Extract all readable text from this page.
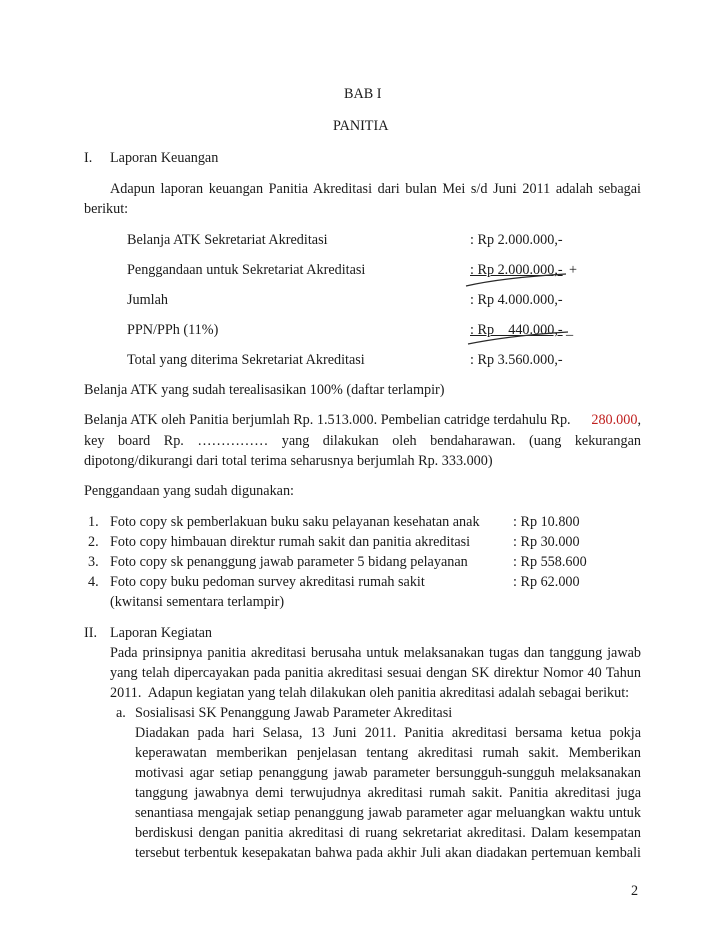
BAB I
PANITIA
I. Laporan Keuangan
Adapun laporan keuangan Panitia Akreditasi dari bulan Mei s/d Juni 2011 adalah sebagai
berikut:
Belanja ATK Sekretariat Akreditasi	: Rp 2.000.000,-
Penggandaan untuk Sekretariat Akreditasi	: Rp 2.000.000,- +
Jumlah	: Rp 4.000.000,-
PPN/PPh (11%)	: Rp    440.000,- _
Total yang diterima Sekretariat Akreditasi	: Rp 3.560.000,-
Belanja ATK yang sudah terealisasikan 100% (daftar terlampir)
Belanja ATK oleh Panitia berjumlah Rp. 1.513.000. Pembelian catridge terdahulu Rp. 280.000,
key board Rp. …………… yang dilakukan oleh bendaharawan. (uang kekurangan
dipotong/dikurangi dari total terima seharusnya berjumlah Rp. 333.000)
Penggandaan yang sudah digunakan:
1. Foto copy sk pemberlakuan buku saku pelayanan kesehatan anak : Rp 10.800
2. Foto copy himbauan direktur rumah sakit dan panitia akreditasi	: Rp 30.000
3. Foto copy sk penanggung jawab parameter 5 bidang pelayanan	: Rp 558.600
4. Foto copy buku pedoman survey akreditasi rumah sakit	: Rp 62.000
(kwitansi sementara terlampir)
II. Laporan Kegiatan
Pada prinsipnya panitia akreditasi berusaha untuk melaksanakan tugas dan tanggung jawab
yang telah dipercayakan pada panitia akreditasi sesuai dengan SK direktur Nomor 40 Tahun
2011.  Adapun kegiatan yang telah dilakukan oleh panitia akreditasi adalah sebagai berikut:
a. Sosialisasi SK Penanggung Jawab Parameter Akreditasi
Diadakan pada hari Selasa, 13 Juni 2011. Panitia akreditasi bersama ketua pokja
keperawatan memberikan penjelasan tentang akreditasi rumah sakit. Memberikan
motivasi agar setiap penanggung jawab parameter bersungguh-sungguh melaksanakan
tanggung jawabnya demi terwujudnya akreditasi rumah sakit. Panitia akreditasi juga
senantiasa mengajak setiap penanggung jawab parameter agar meluangkan waktu untuk
berdiskusi dengan panitia akreditasi di ruang sekretariat akreditasi. Dalam kesempatan
tersebut terbentuk kesepakatan bahwa pada akhir Juli akan diadakan pertemuan kembali
2
